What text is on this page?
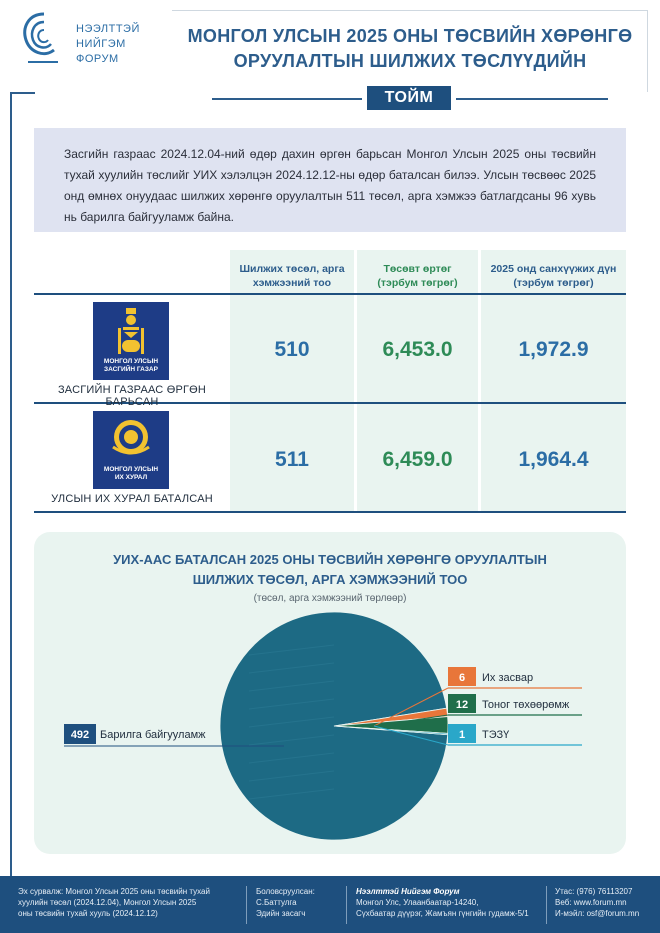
НЭЭЛТТЭЙ
НИЙГЭМ
ФОРУМ
МОНГОЛ УЛСЫН 2025 ОНЫ ТӨСВИЙН ХӨРӨНГӨ
ОРУУЛАЛТЫН ШИЛЖИХ ТӨСЛҮҮДИЙН
ТОЙМ
Засгийн газраас 2024.12.04-ний өдөр дахин өргөн барьсан Монгол Улсын 2025 оны төсвийн тухай хуулийн төслийг УИХ хэлэлцэн 2024.12.12-ны өдөр баталсан билээ. Улсын төсвөөс 2025 онд өмнөх онуудаас шилжих хөрөнгө оруулалтын 511 төсөл, арга хэмжээ батлагдсаны 96 хувь нь барилга байгууламж байна.
Шилжих төсөл, арга
хэмжээний тоо
Төсөвт өртөг
(тэрбум төгрөг)
2025 онд санхүүжих дүн
(тэрбум төгрөг)
МОНГОЛ УЛСЫН
ЗАСГИЙН ГАЗАР
ЗАСГИЙН ГАЗРААС ӨРГӨН БАРЬСАН
510	6,453.0	1,972.9
МОНГОЛ УЛСЫН
ИХ ХУРАЛ
УЛСЫН ИХ ХУРАЛ БАТАЛСАН
511	6,459.0	1,964.4
УИХ-ААС БАТАЛСАН 2025 ОНЫ ТӨСВИЙН ХӨРӨНГӨ ОРУУЛАЛТЫН
ШИЛЖИХ ТӨСӨЛ, АРГА ХЭМЖЭЭНИЙ ТОО
(төсөл, арга хэмжээний төрлөөр)
492 Барилга байгууламж
6 Их засвар
12 Тоног төхөөрөмж
1 ТЭЗҮ
Эх сурвалж: Монгол Улсын 2025 оны төсвийн тухай
хуулийн төсөл (2024.12.04), Монгол Улсын 2025
оны төсвийн тухай хууль (2024.12.12)
Боловсруулсан:
С.Баттулга
Эдийн засагч
Нээлттэй Нийгэм Форум
Монгол Улс, Улаанбаатар-14240,
Сүхбаатар дүүрэг, Жамъян гүнгийн гудамж-5/1
Утас: (976) 76113207
Веб: www.forum.mn
И-мэйл: osf@forum.mn
